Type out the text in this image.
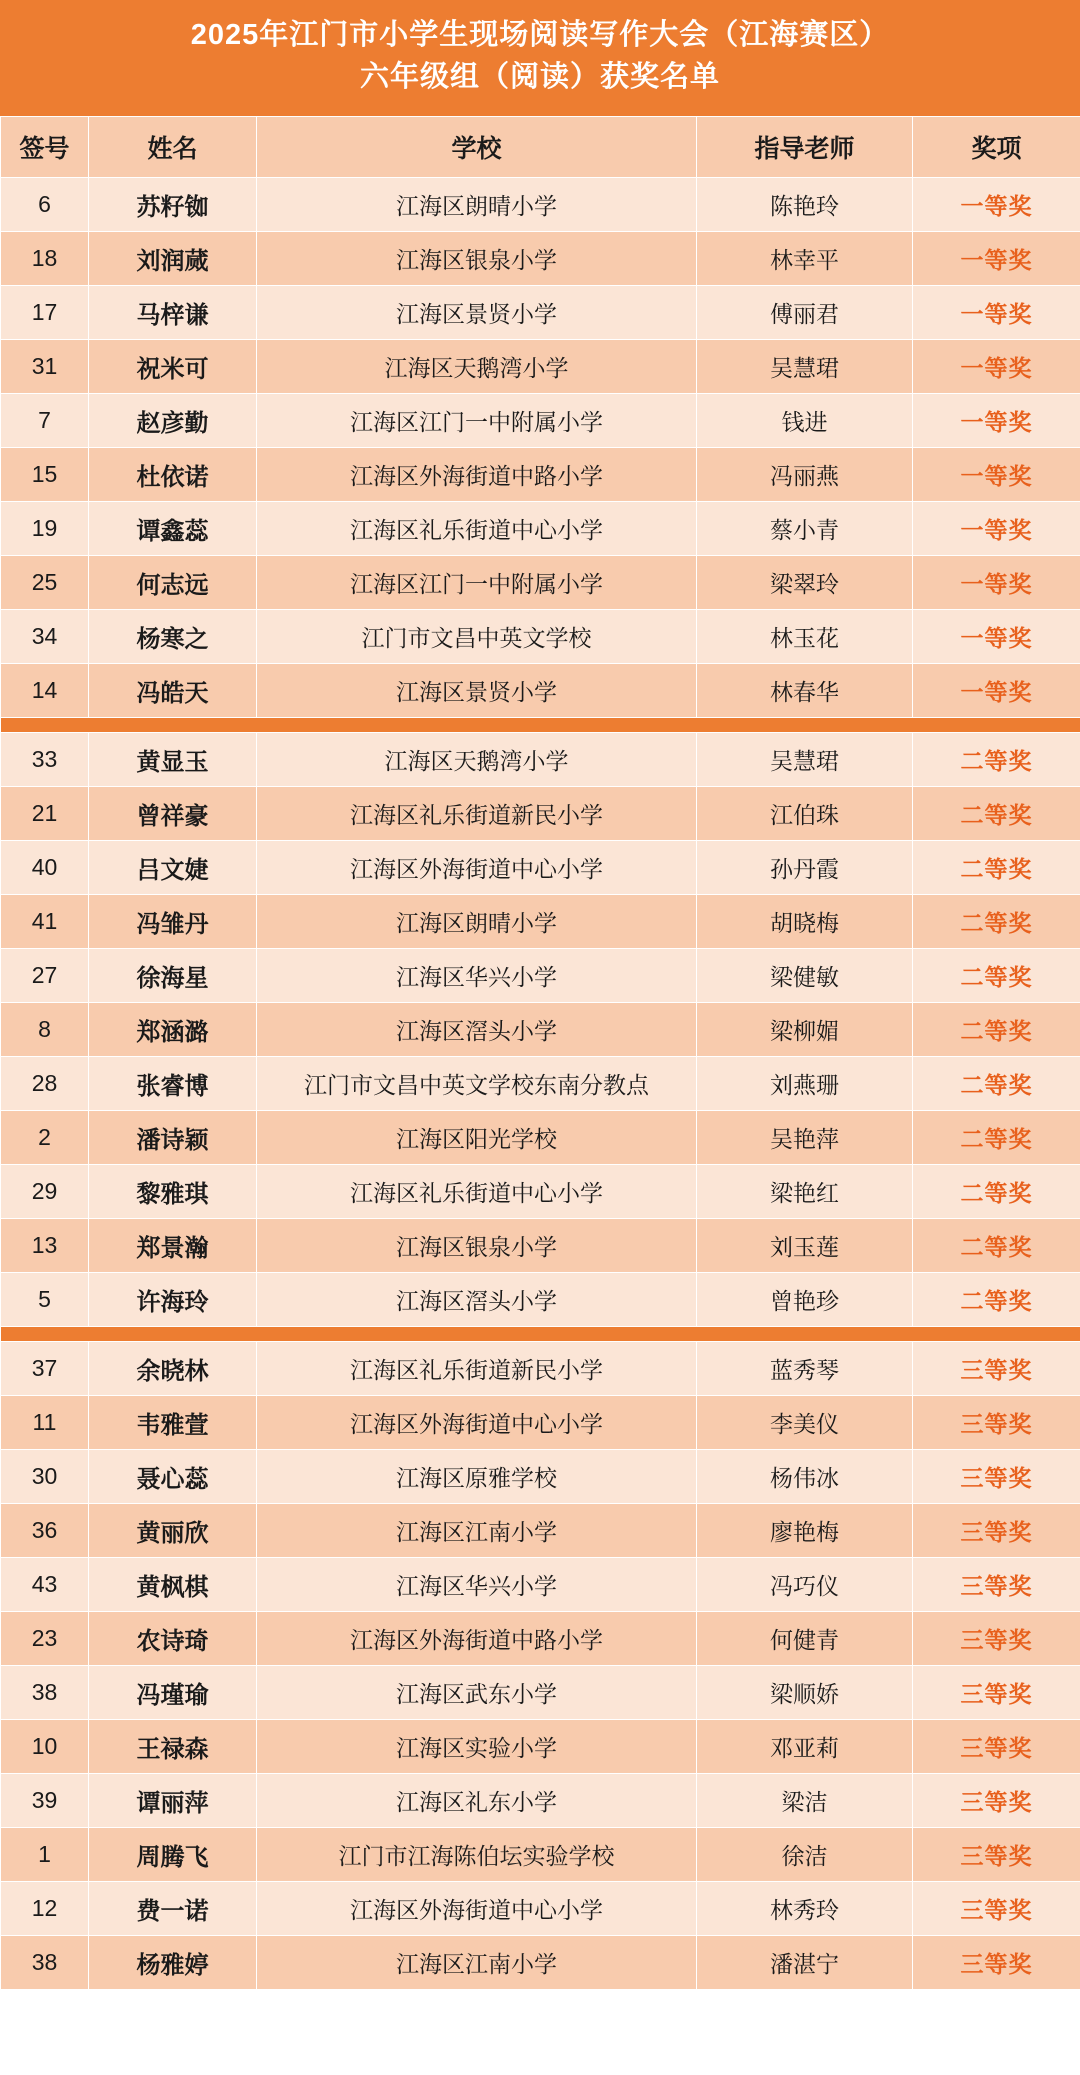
2025年江门市小学生现场阅读写作大会（江海赛区）
六年级组（阅读）获奖名单
签号	姓名	学校	指导老师	奖项
6	苏籽铷	江海区朗晴小学	陈艳玲	一等奖
18	刘润蒇	江海区银泉小学	林幸平	一等奖
17	马梓谦	江海区景贤小学	傅丽君	一等奖
31	祝米可	江海区天鹅湾小学	吴慧珺	一等奖
7	赵彦勤	江海区江门一中附属小学	钱进	一等奖
15	杜依诺	江海区外海街道中路小学	冯丽燕	一等奖
19	谭鑫蕊	江海区礼乐街道中心小学	蔡小青	一等奖
25	何志远	江海区江门一中附属小学	梁翠玲	一等奖
34	杨寒之	江门市文昌中英文学校	林玉花	一等奖
14	冯皓天	江海区景贤小学	林春华	一等奖

33	黄显玉	江海区天鹅湾小学	吴慧珺	二等奖
21	曾祥豪	江海区礼乐街道新民小学	江伯珠	二等奖
40	吕文婕	江海区外海街道中心小学	孙丹霞	二等奖
41	冯雏丹	江海区朗晴小学	胡晓梅	二等奖
27	徐海星	江海区华兴小学	梁健敏	二等奖
8	郑涵潞	江海区滘头小学	梁柳媚	二等奖
28	张睿博	江门市文昌中英文学校东南分教点	刘燕珊	二等奖
2	潘诗颖	江海区阳光学校	吴艳萍	二等奖
29	黎雅琪	江海区礼乐街道中心小学	梁艳红	二等奖
13	郑景瀚	江海区银泉小学	刘玉莲	二等奖
5	许海玲	江海区滘头小学	曾艳珍	二等奖

37	余晓林	江海区礼乐街道新民小学	蓝秀琴	三等奖
11	韦雅萱	江海区外海街道中心小学	李美仪	三等奖
30	聂心蕊	江海区原雅学校	杨伟冰	三等奖
36	黄丽欣	江海区江南小学	廖艳梅	三等奖
43	黄枫棋	江海区华兴小学	冯巧仪	三等奖
23	农诗琦	江海区外海街道中路小学	何健青	三等奖
38	冯瑾瑜	江海区武东小学	梁顺娇	三等奖
10	王禄森	江海区实验小学	邓亚莉	三等奖
39	谭丽萍	江海区礼东小学	梁洁	三等奖
1	周腾飞	江门市江海陈伯坛实验学校	徐洁	三等奖
12	费一诺	江海区外海街道中心小学	林秀玲	三等奖
38	杨雅婷	江海区江南小学	潘湛宁	三等奖
